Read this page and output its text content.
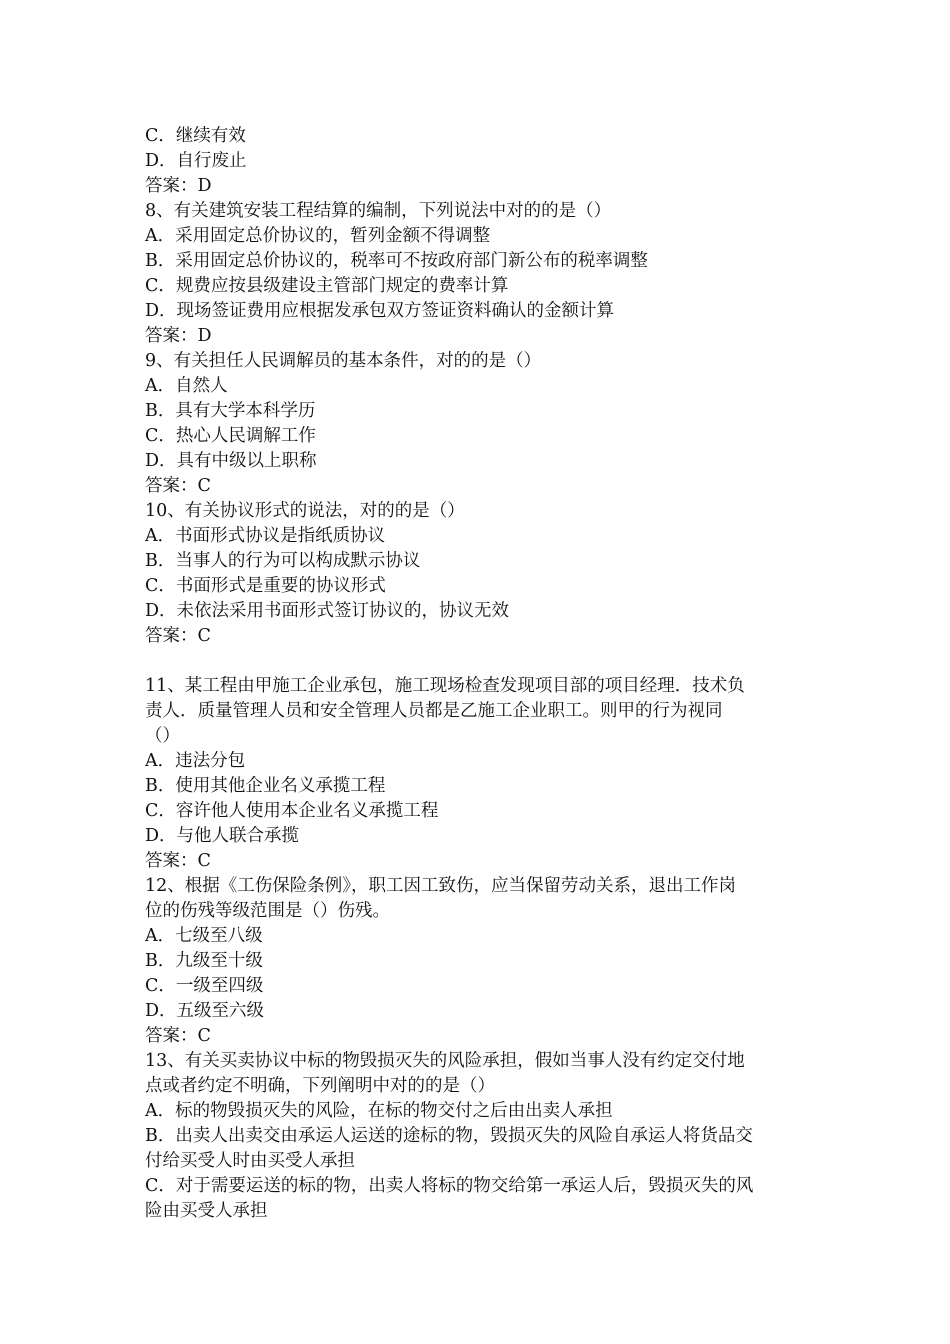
C．继续有效
D．自行废止
答案：D
8、有关建筑安装工程结算的编制，下列说法中对的的是（）
A．采用固定总价协议的，暂列金额不得调整
B．采用固定总价协议的，税率可不按政府部门新公布的税率调整
C．规费应按县级建设主管部门规定的费率计算
D．现场签证费用应根据发承包双方签证资料确认的金额计算
答案：D
9、有关担任人民调解员的基本条件，对的的是（）
A．自然人
B．具有大学本科学历
C．热心人民调解工作
D．具有中级以上职称
答案：C
10、有关协议形式的说法，对的的是（）
A．书面形式协议是指纸质协议
B．当事人的行为可以构成默示协议
C．书面形式是重要的协议形式
D．未依法采用书面形式签订协议的，协议无效
答案：C
11、某工程由甲施工企业承包，施工现场检查发现项目部的项目经理．技术负
责人．质量管理人员和安全管理人员都是乙施工企业职工。则甲的行为视同
（）
A．违法分包
B．使用其他企业名义承揽工程
C．容许他人使用本企业名义承揽工程
D．与他人联合承揽
答案：C
12、根据《工伤保险条例》，职工因工致伤，应当保留劳动关系，退出工作岗
位的伤残等级范围是（）伤残。
A．七级至八级
B．九级至十级
C．一级至四级
D．五级至六级
答案：C
13、有关买卖协议中标的物毁损灭失的风险承担，假如当事人没有约定交付地
点或者约定不明确，下列阐明中对的的是（）
A．标的物毁损灭失的风险，在标的物交付之后由出卖人承担
B．出卖人出卖交由承运人运送的途标的物，毁损灭失的风险自承运人将货品交
付给买受人时由买受人承担
C．对于需要运送的标的物，出卖人将标的物交给第一承运人后，毁损灭失的风
险由买受人承担
